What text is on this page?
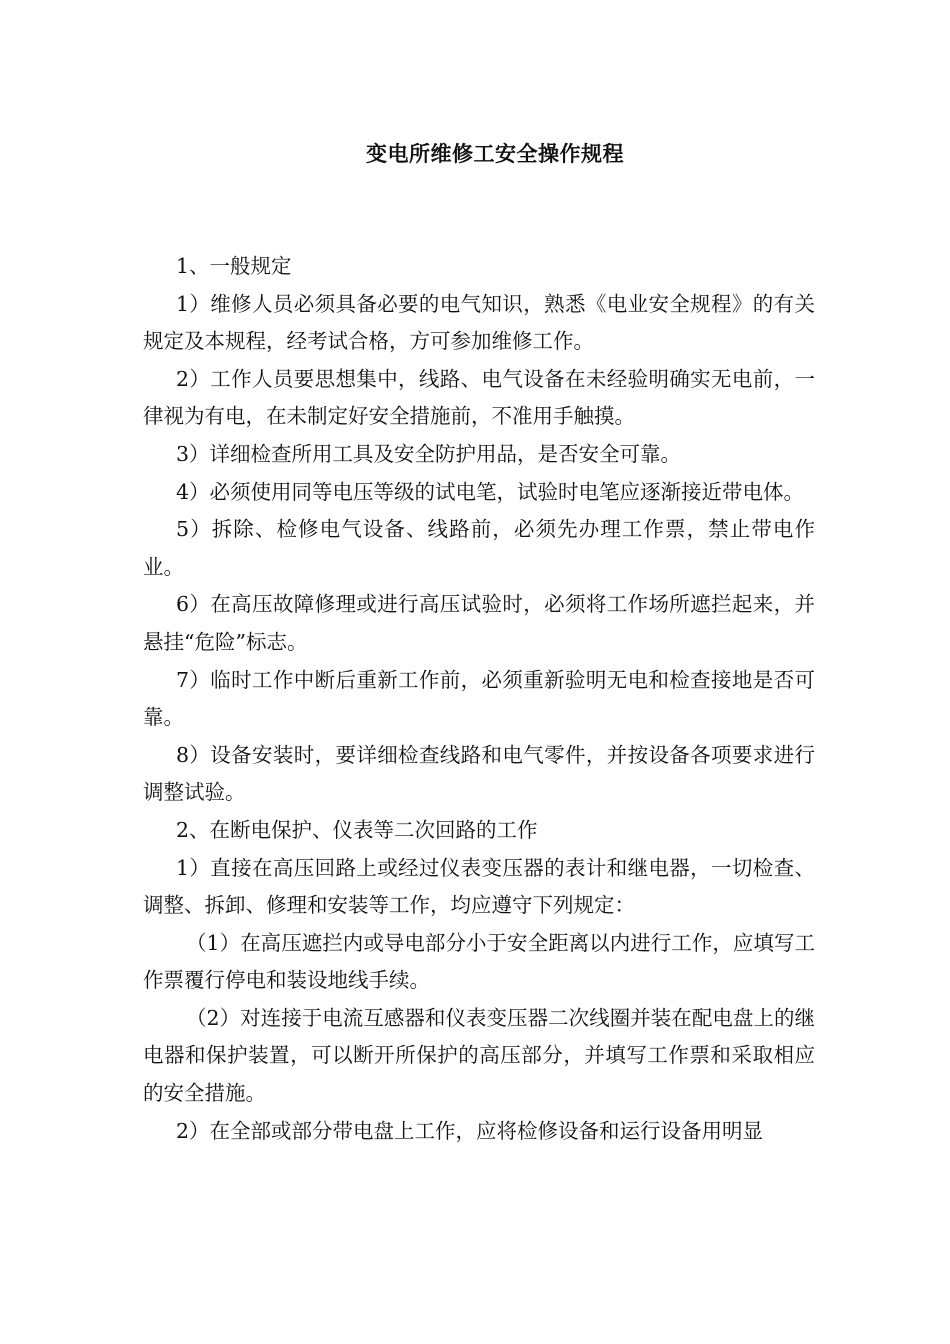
变电所维修工安全操作规程

1、一般规定

1）维修人员必须具备必要的电气知识，熟悉《电业安全规程》的有关规定及本规程，经考试合格，方可参加维修工作。

2）工作人员要思想集中，线路、电气设备在未经验明确实无电前，一律视为有电，在未制定好安全措施前，不准用手触摸。

3）详细检查所用工具及安全防护用品，是否安全可靠。

4）必须使用同等电压等级的试电笔，试验时电笔应逐渐接近带电体。

5）拆除、检修电气设备、线路前，必须先办理工作票，禁止带电作业。

6）在高压故障修理或进行高压试验时，必须将工作场所遮拦起来，并悬挂“危险”标志。

7）临时工作中断后重新工作前，必须重新验明无电和检查接地是否可靠。

8）设备安装时，要详细检查线路和电气零件，并按设备各项要求进行调整试验。

2、在断电保护、仪表等二次回路的工作

1）直接在高压回路上或经过仪表变压器的表计和继电器，一切检查、调整、拆卸、修理和安装等工作，均应遵守下列规定：

（1）在高压遮拦内或导电部分小于安全距离以内进行工作，应填写工作票覆行停电和装设地线手续。

（2）对连接于电流互感器和仪表变压器二次线圈并装在配电盘上的继电器和保护装置，可以断开所保护的高压部分，并填写工作票和采取相应的安全措施。

2）在全部或部分带电盘上工作，应将检修设备和运行设备用明显
